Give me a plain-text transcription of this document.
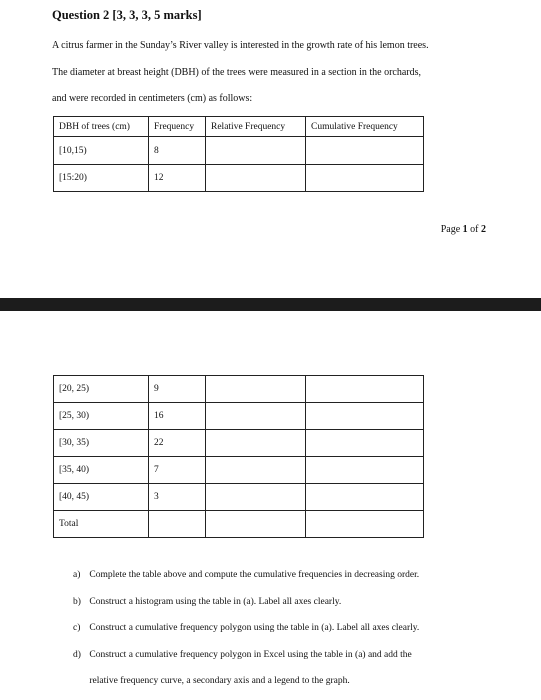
Question 2 [3, 3, 3, 5 marks]
A citrus farmer in the Sunday’s River valley is interested in the growth rate of his lemon trees.
The diameter at breast height (DBH) of the trees were measured in a section in the orchards,
and were recorded in centimeters (cm) as follows:
DBH of trees (cm)	Frequency	Relative Frequency	Cumulative Frequency
[10,15)	8		
[15:20)	12		
Page 1 of 2
[20, 25)	9		
[25, 30)	16		
[30, 35)	22		
[35, 40)	7		
[40, 45)	3		
Total			
a) Complete the table above and compute the cumulative frequencies in decreasing order.
b) Construct a histogram using the table in (a). Label all axes clearly.
c) Construct a cumulative frequency polygon using the table in (a). Label all axes clearly.
d) Construct a cumulative frequency polygon in Excel using the table in (a) and add the
relative frequency curve, a secondary axis and a legend to the graph.
